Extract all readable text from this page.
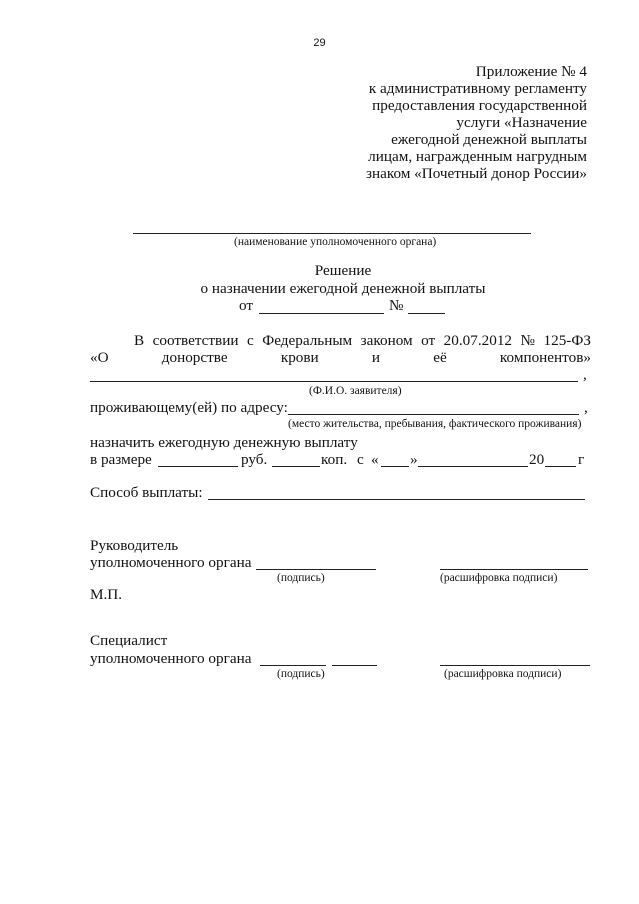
29
Приложение № 4
к административному регламенту
предоставления государственной
услуги «Назначение
ежегодной денежной выплаты
лицам, награжденным нагрудным
знаком «Почетный донор России»
(наименование уполномоченного органа)
Решение
о назначении ежегодной денежной выплаты
от	№
В соответствии с Федеральным законом от 20.07.2012 № 125-ФЗ
«О	донорстве	крови	и	её	компонентов»
,
(Ф.И.О. заявителя)
проживающему(ей) по адресу:	,
(место жительства, пребывания, фактического проживания)
назначить ежегодную денежную выплату
в размере	руб.	коп. с « »	20 г
Способ выплаты:
Руководитель
уполномоченного органа
(подпись)	(расшифровка подписи)
М.П.
Специалист
уполномоченного органа
(подпись)	(расшифровка подписи)
